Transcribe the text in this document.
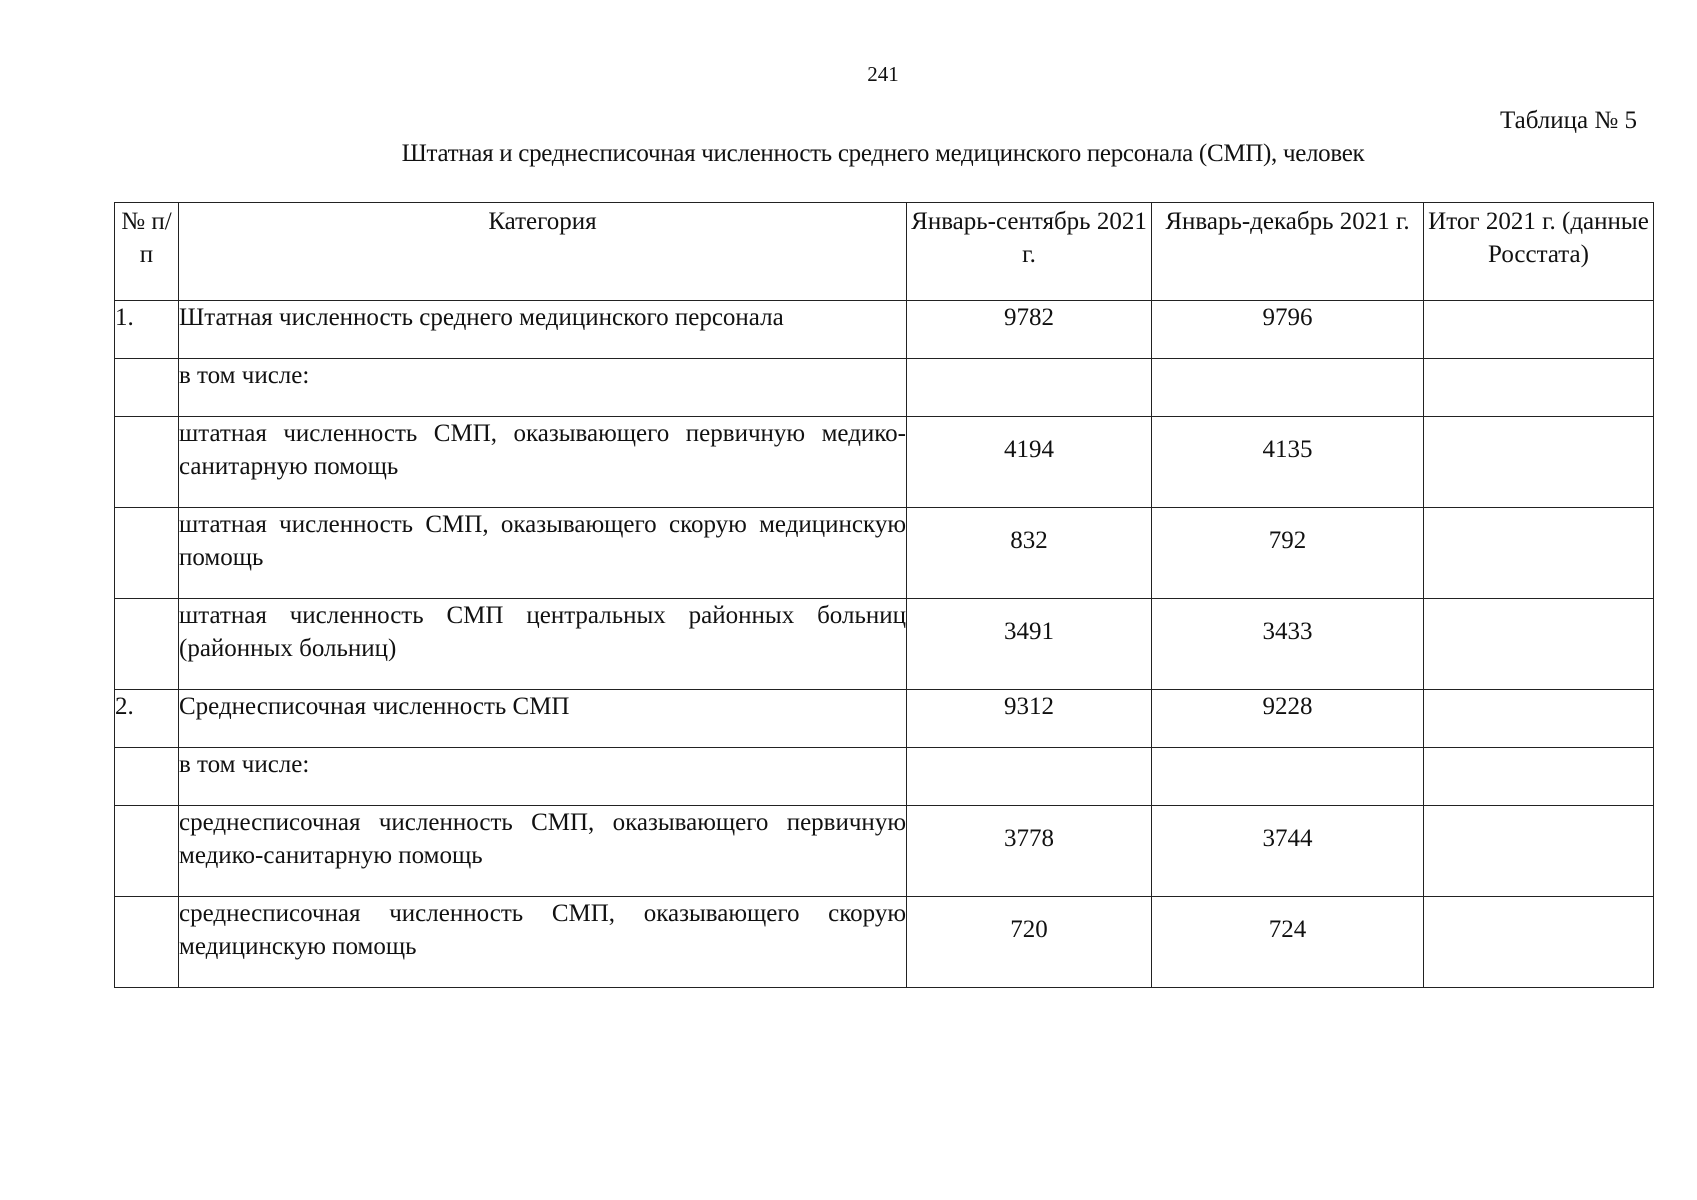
241
Таблица № 5
Штатная и среднесписочная численность среднего медицинского персонала (СМП), человек
№ п/п	Категория	Январь-сентябрь 2021 г.	Январь-декабрь 2021 г.	Итог 2021 г. (данные Росстата)
1.	Штатная численность среднего медицинского персонала	9782	9796	
	в том числе:			
	штатная численность СМП, оказывающего первичную медико-санитарную помощь	4194	4135	
	штатная численность СМП, оказывающего скорую медицинскую помощь	832	792	
	штатная численность СМП центральных районных больниц (районных больниц)	3491	3433	
2.	Среднесписочная численность СМП	9312	9228	
	в том числе:			
	среднесписочная численность СМП, оказывающего первичную медико-санитарную помощь	3778	3744	
	среднесписочная численность СМП, оказывающего скорую медицинскую помощь	720	724	
